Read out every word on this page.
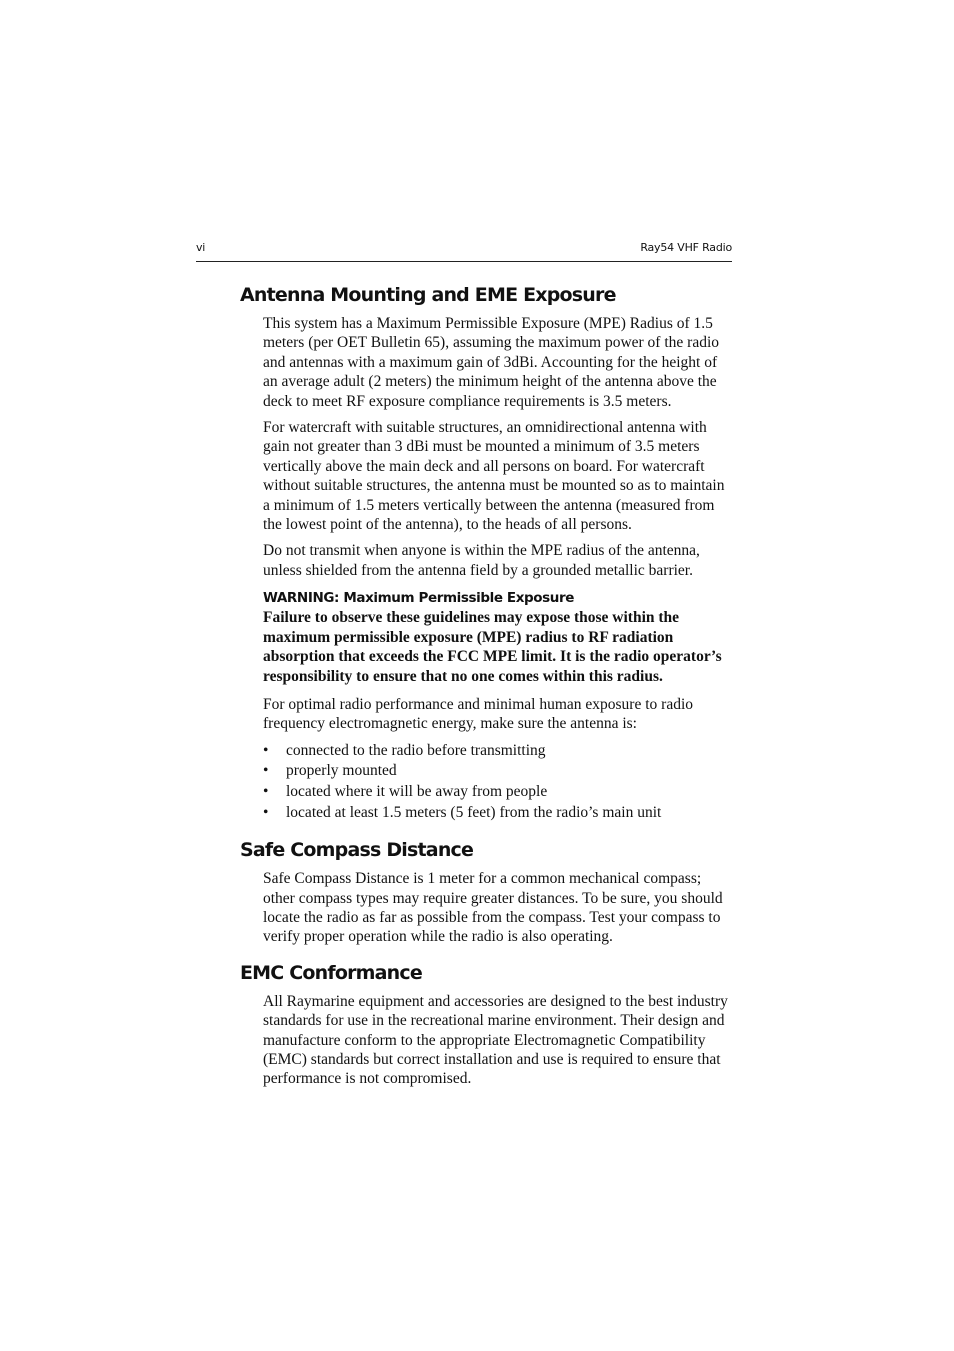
vi	Ray54 VHF Radio
Antenna Mounting and EME Exposure

This system has a Maximum Permissible Exposure (MPE) Radius of 1.5 meters (per OET Bulletin 65), assuming the maximum power of the radio and antennas with a maximum gain of 3dBi. Accounting for the height of an average adult (2 meters) the minimum height of the antenna above the deck to meet RF exposure compliance requirements is 3.5 meters.

For watercraft with suitable structures, an omnidirectional antenna with gain not greater than 3 dBi must be mounted a minimum of 3.5 meters vertically above the main deck and all persons on board. For watercraft without suitable structures, the antenna must be mounted so as to maintain a minimum of 1.5 meters vertically between the antenna (measured from the lowest point of the antenna), to the heads of all persons.

Do not transmit when anyone is within the MPE radius of the antenna, unless shielded from the antenna field by a grounded metallic barrier.

WARNING: Maximum Permissible Exposure

Failure to observe these guidelines may expose those within the maximum permissible exposure (MPE) radius to RF radiation absorption that exceeds the FCC MPE limit. It is the radio operator’s responsibility to ensure that no one comes within this radius.

For optimal radio performance and minimal human exposure to radio frequency electromagnetic energy, make sure the antenna is:

• connected to the radio before transmitting
• properly mounted
• located where it will be away from people
• located at least 1.5 meters (5 feet) from the radio’s main unit
Safe Compass Distance

Safe Compass Distance is 1 meter for a common mechanical compass; other compass types may require greater distances. To be sure, you should locate the radio as far as possible from the compass. Test your compass to verify proper operation while the radio is also operating.

EMC Conformance

All Raymarine equipment and accessories are designed to the best industry standards for use in the recreational marine environment. Their design and manufacture conform to the appropriate Electromagnetic Compatibility (EMC) standards but correct installation and use is required to ensure that performance is not compromised.
